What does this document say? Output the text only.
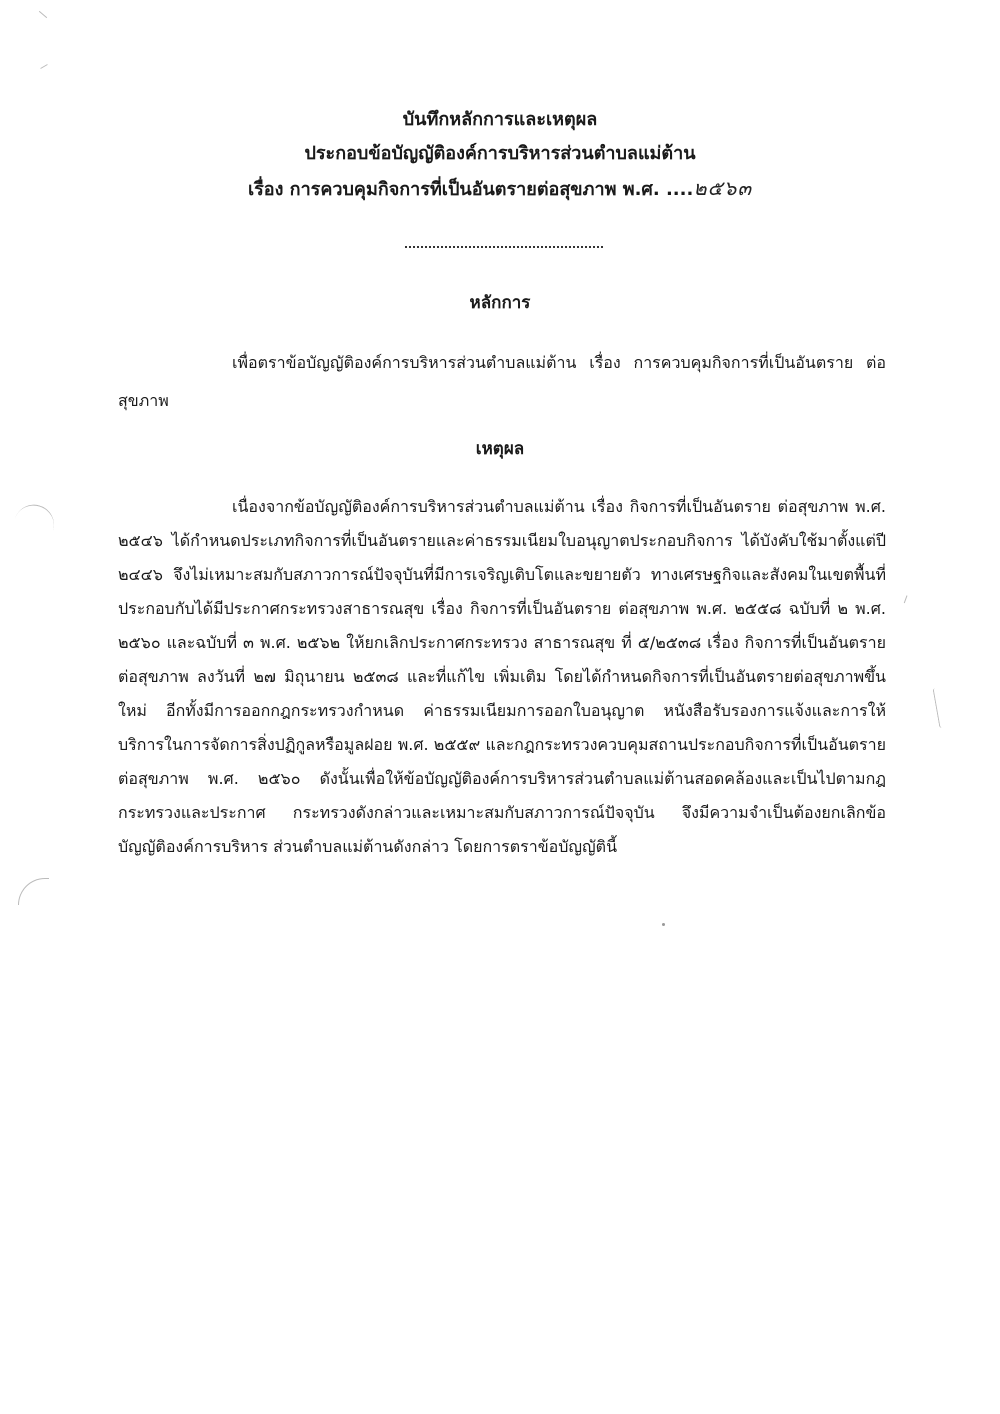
บันทึกหลักการและเหตุผล
ประกอบข้อบัญญัติองค์การบริหารส่วนตำบลแม่ต้าน
เรื่อง การควบคุมกิจการที่เป็นอันตรายต่อสุขภาพ พ.ศ. ....๒๕๖๓
หลักการ
เพื่อตราข้อบัญญัติองค์การบริหารส่วนตำบลแม่ต้าน เรื่อง การควบคุมกิจการที่เป็นอันตราย ต่อสุขภาพ
เหตุผล
เนื่องจากข้อบัญญัติองค์การบริหารส่วนตำบลแม่ต้าน เรื่อง กิจการที่เป็นอันตราย ต่อสุขภาพ พ.ศ. ๒๕๔๖ ได้กำหนดประเภทกิจการที่เป็นอันตรายและค่าธรรมเนียมใบอนุญาตประกอบกิจการ ได้บังคับใช้มาตั้งแต่ปี ๒๔๔๖ จึงไม่เหมาะสมกับสภาวการณ์ปัจจุบันที่มีการเจริญเติบโตและขยายตัว ทางเศรษฐกิจและสังคมในเขตพื้นที่ ประกอบกับได้มีประกาศกระทรวงสาธารณสุข เรื่อง กิจการที่เป็นอันตราย ต่อสุขภาพ พ.ศ. ๒๕๕๘ ฉบับที่ ๒ พ.ศ. ๒๕๖๐ และฉบับที่ ๓ พ.ศ. ๒๕๖๒ ให้ยกเลิกประกาศกระทรวง สาธารณสุข ที่ ๕/๒๕๓๘ เรื่อง กิจการที่เป็นอันตรายต่อสุขภาพ ลงวันที่ ๒๗ มิถุนายน ๒๕๓๘ และที่แก้ไข เพิ่มเติม โดยได้กำหนดกิจการที่เป็นอันตรายต่อสุขภาพขึ้นใหม่ อีกทั้งมีการออกกฎกระทรวงกำหนด ค่าธรรมเนียมการออกใบอนุญาต หนังสือรับรองการแจ้งและการให้บริการในการจัดการสิ่งปฏิกูลหรือมูลฝอย พ.ศ. ๒๕๕๙ และกฎกระทรวงควบคุมสถานประกอบกิจการที่เป็นอันตรายต่อสุขภาพ พ.ศ. ๒๕๖๐ ดังนั้นเพื่อให้ข้อบัญญัติองค์การบริหารส่วนตำบลแม่ต้านสอดคล้องและเป็นไปตามกฎกระทรวงและประกาศ กระทรวงดังกล่าวและเหมาะสมกับสภาวการณ์ปัจจุบัน จึงมีความจำเป็นต้องยกเลิกข้อบัญญัติองค์การบริหาร ส่วนตำบลแม่ต้านดังกล่าว โดยการตราข้อบัญญัตินี้
